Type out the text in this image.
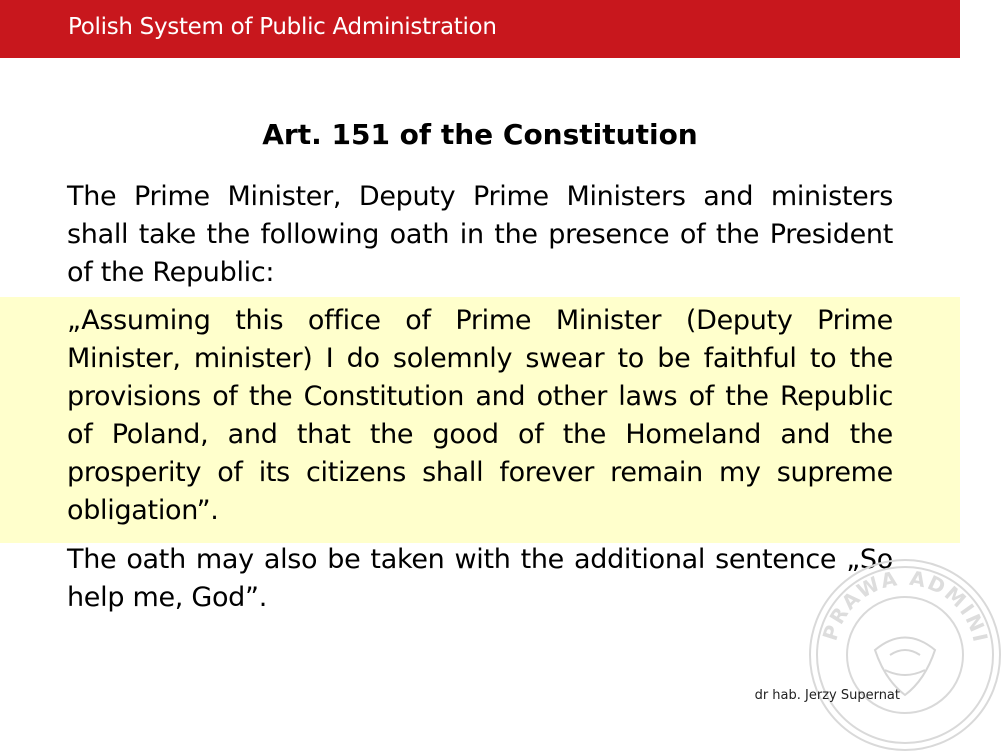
Polish System of Public Administration
Art. 151 of the Constitution
The Prime Minister, Deputy Prime Ministers and ministers shall take the following oath in the presence of the President of the Republic:
„Assuming this office of Prime Minister (Deputy Prime Minister, minister) I do solemnly swear to be faithful to the provisions of the Constitution and other laws of the Republic of Poland, and that the good of the Homeland and the prosperity of its citizens shall forever remain my supreme obligation”.
The oath may also be taken with the additional sentence „So help me, God”.
PRAWA ADMINI
dr hab. Jerzy Supernat
